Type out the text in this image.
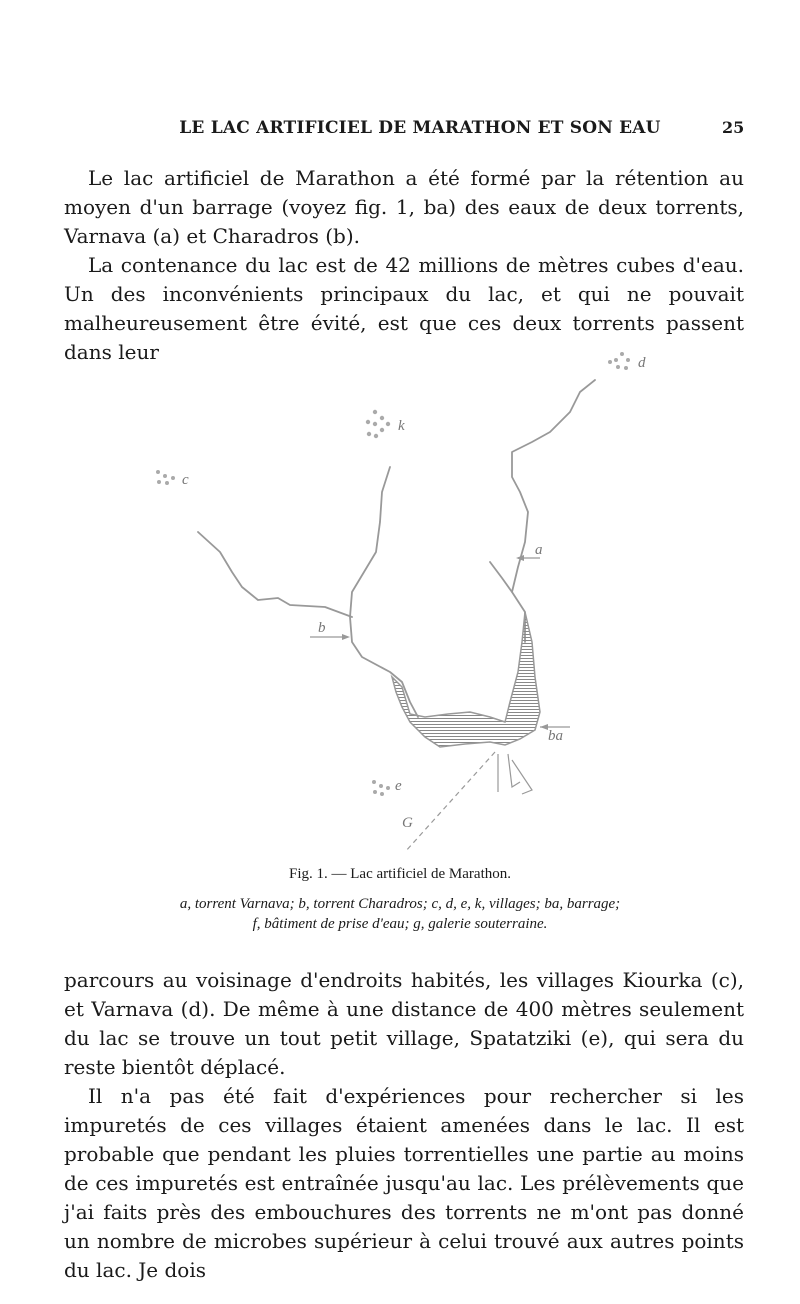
LE LAC ARTIFICIEL DE MARATHON ET SON EAU	25

Le lac artificiel de Marathon a été formé par la rétention au moyen d'un barrage (voyez fig. 1, ba) des eaux de deux torrents, Varnava (a) et Charadros (b).

La contenance du lac est de 42 millions de mètres cubes d'eau. Un des inconvénients principaux du lac, et qui ne pouvait malheureusement être évité, est que ces deux torrents passent dans leur	d
k
c
a
b
ba
e
G
Fig. 1. — Lac artificiel de Marathon.
a, torrent Varnava; b, torrent Charadros; c, d, e, k, villages; ba, barrage;
f, bâtiment de prise d'eau; g, galerie souterraine.

parcours au voisinage d'endroits habités, les villages Kiourka (c), et Varnava (d). De même à une distance de 400 mètres seulement du lac se trouve un tout petit village, Spatatziki (e), qui sera du reste bientôt déplacé.

Il n'a pas été fait d'expériences pour rechercher si les impuretés de ces villages étaient amenées dans le lac. Il est probable que pendant les pluies torrentielles une partie au moins de ces impuretés est entraînée jusqu'au lac. Les prélèvements que j'ai faits près des embouchures des torrents ne m'ont pas donné un nombre de microbes supérieur à celui trouvé aux autres points du lac. Je dois
